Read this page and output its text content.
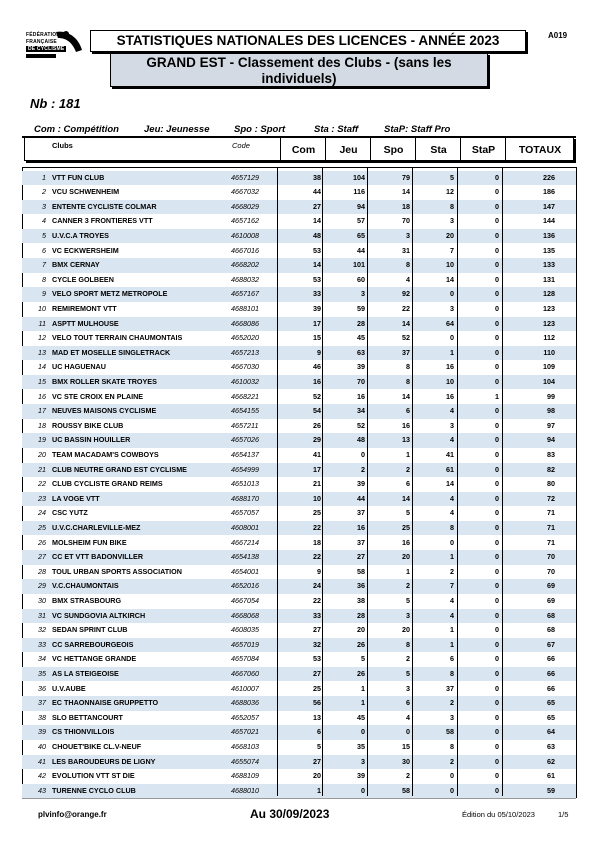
FÉDÉRATION
FRANÇAISE
DE CYCLISME
STATISTIQUES NATIONALES DES LICENCES - ANNÉE 2023	A019
GRAND EST - Classement des Clubs - (sans les
individuels)
Nb : 181
Com : Compétition	Jeu: Jeunesse	Spo : Sport	Sta : Staff	StaP: Staff Pro
Clubs	Code	Com	Jeu	Spo	Sta	StaP	TOTAUX
1 VTT FUN CLUB	4657129	38	104	79	5	0	226
2 VCU SCHWENHEIM	4667032	44	116	14	12	0	186
3 ENTENTE CYCLISTE COLMAR	4668029	27	94	18	8	0	147
4 CANNER 3 FRONTIERES VTT	4657162	14	57	70	3	0	144
5 U.V.C.A TROYES	4610008	48	65	3	20	0	136
6 VC ECKWERSHEIM	4667016	53	44	31	7	0	135
7 BMX CERNAY	4668202	14	101	8	10	0	133
8 CYCLE GOLBEEN	4688032	53	60	4	14	0	131
9 VELO SPORT METZ METROPOLE	4657167	33	3	92	0	0	128
10 REMIREMONT VTT	4688101	39	59	22	3	0	123
11 ASPTT MULHOUSE	4668086	17	28	14	64	0	123
12 VELO TOUT TERRAIN CHAUMONTAIS	4652020	15	45	52	0	0	112
13 MAD ET MOSELLE SINGLETRACK	4657213	9	63	37	1	0	110
14 UC HAGUENAU	4667030	46	39	8	16	0	109
15 BMX ROLLER SKATE TROYES	4610032	16	70	8	10	0	104
16 VC STE CROIX EN PLAINE	4668221	52	16	14	16	1	99
17 NEUVES MAISONS CYCLISME	4654155	54	34	6	4	0	98
18 ROUSSY BIKE CLUB	4657211	26	52	16	3	0	97
19 UC BASSIN HOUILLER	4657026	29	48	13	4	0	94
20 TEAM MACADAM'S COWBOYS	4654137	41	0	1	41	0	83
21 CLUB NEUTRE GRAND EST CYCLISME	4654999	17	2	2	61	0	82
22 CLUB CYCLISTE GRAND REIMS	4651013	21	39	6	14	0	80
23 LA VOGE VTT	4688170	10	44	14	4	0	72
24 CSC YUTZ	4657057	25	37	5	4	0	71
25 U.V.C.CHARLEVILLE-MEZ	4608001	22	16	25	8	0	71
26 MOLSHEIM FUN BIKE	4667214	18	37	16	0	0	71
27 CC ET VTT BADONVILLER	4654138	22	27	20	1	0	70
28 TOUL URBAN SPORTS ASSOCIATION	4654001	9	58	1	2	0	70
29 V.C.CHAUMONTAIS	4652016	24	36	2	7	0	69
30 BMX STRASBOURG	4667054	22	38	5	4	0	69
31 VC SUNDGOVIA ALTKIRCH	4668068	33	28	3	4	0	68
32 SEDAN SPRINT CLUB	4608035	27	20	20	1	0	68
33 CC SARREBOURGEOIS	4657019	32	26	8	1	0	67
34 VC HETTANGE GRANDE	4657084	53	5	2	6	0	66
35 AS LA STEIGEOISE	4667060	27	26	5	8	0	66
36 U.V.AUBE	4610007	25	1	3	37	0	66
37 EC THAONNAISE GRUPPETTO	4688036	56	1	6	2	0	65
38 SLO BETTANCOURT	4652057	13	45	4	3	0	65
39 CS THIONVILLOIS	4657021	6	0	0	58	0	64
40 CHOUET'BIKE CL.V-NEUF	4668103	5	35	15	8	0	63
41 LES BAROUDEURS DE LIGNY	4655074	27	3	30	2	0	62
42 EVOLUTION VTT ST DIE	4688109	20	39	2	0	0	61
43 TURENNE CYCLO CLUB	4688010	1	0	58	0	0	59
plvinfo@orange.fr	Au 30/09/2023	Édition du 05/10/2023	1/5
